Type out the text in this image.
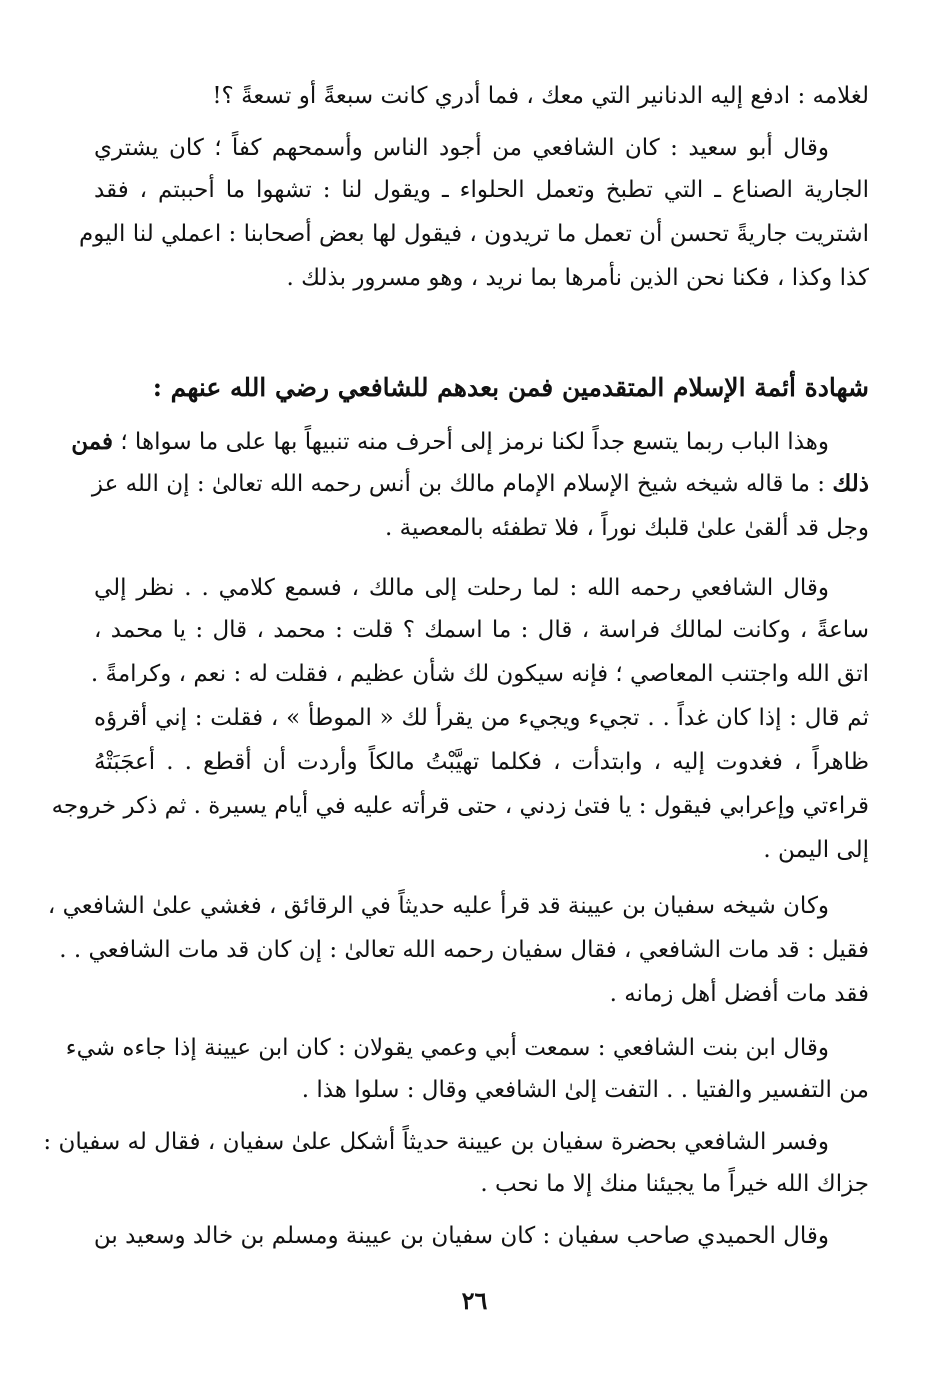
لغلامه : ادفع إليه الدنانير التي معك ، فما أدري كانت سبعةً أو تسعةً ؟!
وقال أبو سعيد : كان الشافعي من أجود الناس وأسمحهم كفاً ؛ كان يشتري
الجارية الصناع ـ التي تطبخ وتعمل الحلواء ـ ويقول لنا : تشهوا ما أحببتم ، فقد
اشتريت جاريةً تحسن أن تعمل ما تريدون ، فيقول لها بعض أصحابنا : اعملي لنا اليوم
كذا وكذا ، فكنا نحن الذين نأمرها بما نريد ، وهو مسرور بذلك .
شهادة أئمة الإسلام المتقدمين فمن بعدهم للشافعي رضي الله عنهم :
وهذا الباب ربما يتسع جداً لكنا نرمز إلى أحرف منه تنبيهاً بها على ما سواها ؛ فمن
ذلك : ما قاله شيخه شيخ الإسلام الإمام مالك بن أنس رحمه الله تعالىٰ : إن الله عز
وجل قد ألقىٰ علىٰ قلبك نوراً ، فلا تطفئه بالمعصية .
وقال الشافعي رحمه الله : لما رحلت إلى مالك ، فسمع كلامي . . نظر إلي
ساعةً ، وكانت لمالك فراسة ، قال : ما اسمك ؟ قلت : محمد ، قال : يا محمد ،
اتق الله واجتنب المعاصي ؛ فإنه سيكون لك شأن عظيم ، فقلت له : نعم ، وكرامةً .
ثم قال : إذا كان غداً . . تجيء ويجيء من يقرأ لك « الموطأ » ، فقلت : إني أقرؤه
ظاهراً ، فغدوت إليه ، وابتدأت ، فكلما تهيَّبْتُ مالكاً وأردت أن أقطع . . أعجَبَتْهُ
قراءتي وإعرابي فيقول : يا فتىٰ زدني ، حتى قرأته عليه في أيام يسيرة . ثم ذكر خروجه
إلى اليمن .
وكان شيخه سفيان بن عيينة قد قرأ عليه حديثاً في الرقائق ، فغشي علىٰ الشافعي ،
فقيل : قد مات الشافعي ، فقال سفيان رحمه الله تعالىٰ : إن كان قد مات الشافعي . .
فقد مات أفضل أهل زمانه .
وقال ابن بنت الشافعي : سمعت أبي وعمي يقولان : كان ابن عيينة إذا جاءه شيء
من التفسير والفتيا . . التفت إلىٰ الشافعي وقال : سلوا هذا .
وفسر الشافعي بحضرة سفيان بن عيينة حديثاً أشكل علىٰ سفيان ، فقال له سفيان :
جزاك الله خيراً ما يجيئنا منك إلا ما نحب .
وقال الحميدي صاحب سفيان : كان سفيان بن عيينة ومسلم بن خالد وسعيد بن
٢٦
